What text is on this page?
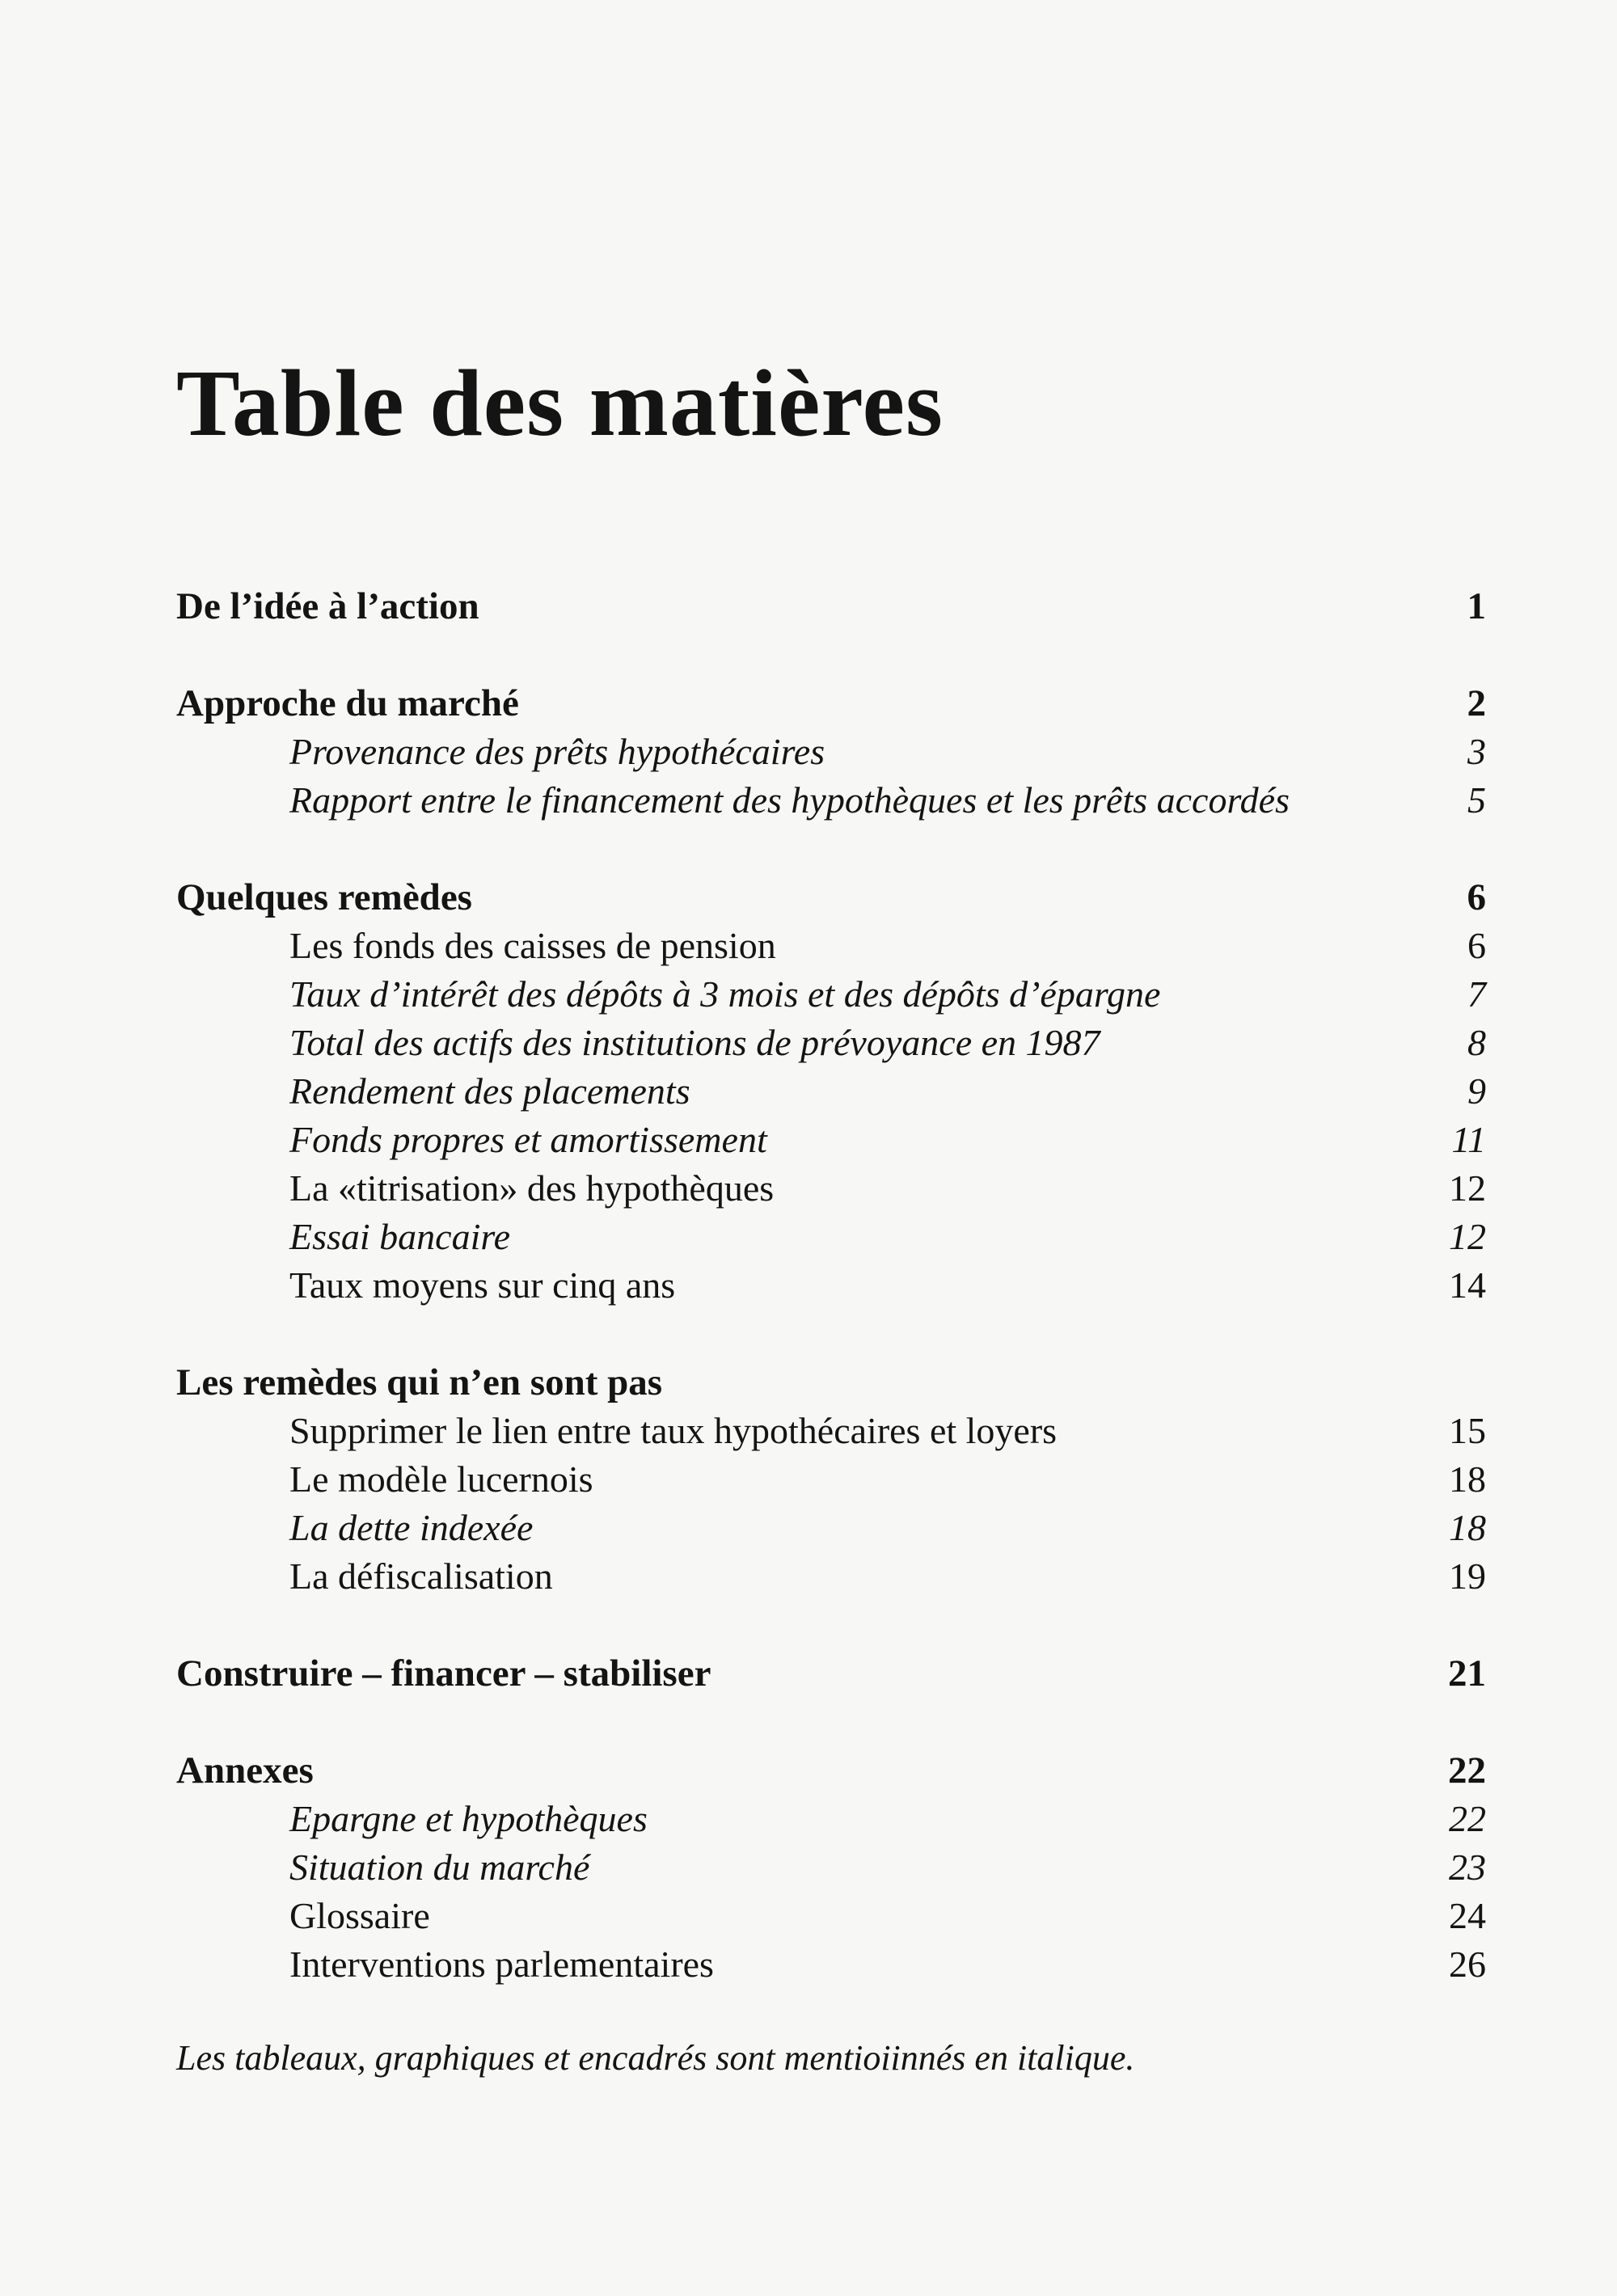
Table des matières
De l’idée à l’action	1
Approche du marché	2
Provenance des prêts hypothécaires	3
Rapport entre le financement des hypothèques et les prêts accordés	5
Quelques remèdes	6
Les fonds des caisses de pension	6
Taux d’intérêt des dépôts à 3 mois et des dépôts d’épargne	7
Total des actifs des institutions de prévoyance en 1987	8
Rendement des placements	9
Fonds propres et amortissement	11
La «titrisation» des hypothèques	12
Essai bancaire	12
Taux moyens sur cinq ans	14
Les remèdes qui n’en sont pas
Supprimer le lien entre taux hypothécaires et loyers	15
Le modèle lucernois	18
La dette indexée	18
La défiscalisation	19
Construire – financer – stabiliser	21
Annexes	22
Epargne et hypothèques	22
Situation du marché	23
Glossaire	24
Interventions parlementaires	26
Les tableaux, graphiques et encadrés sont mentioiinnés en italique.
